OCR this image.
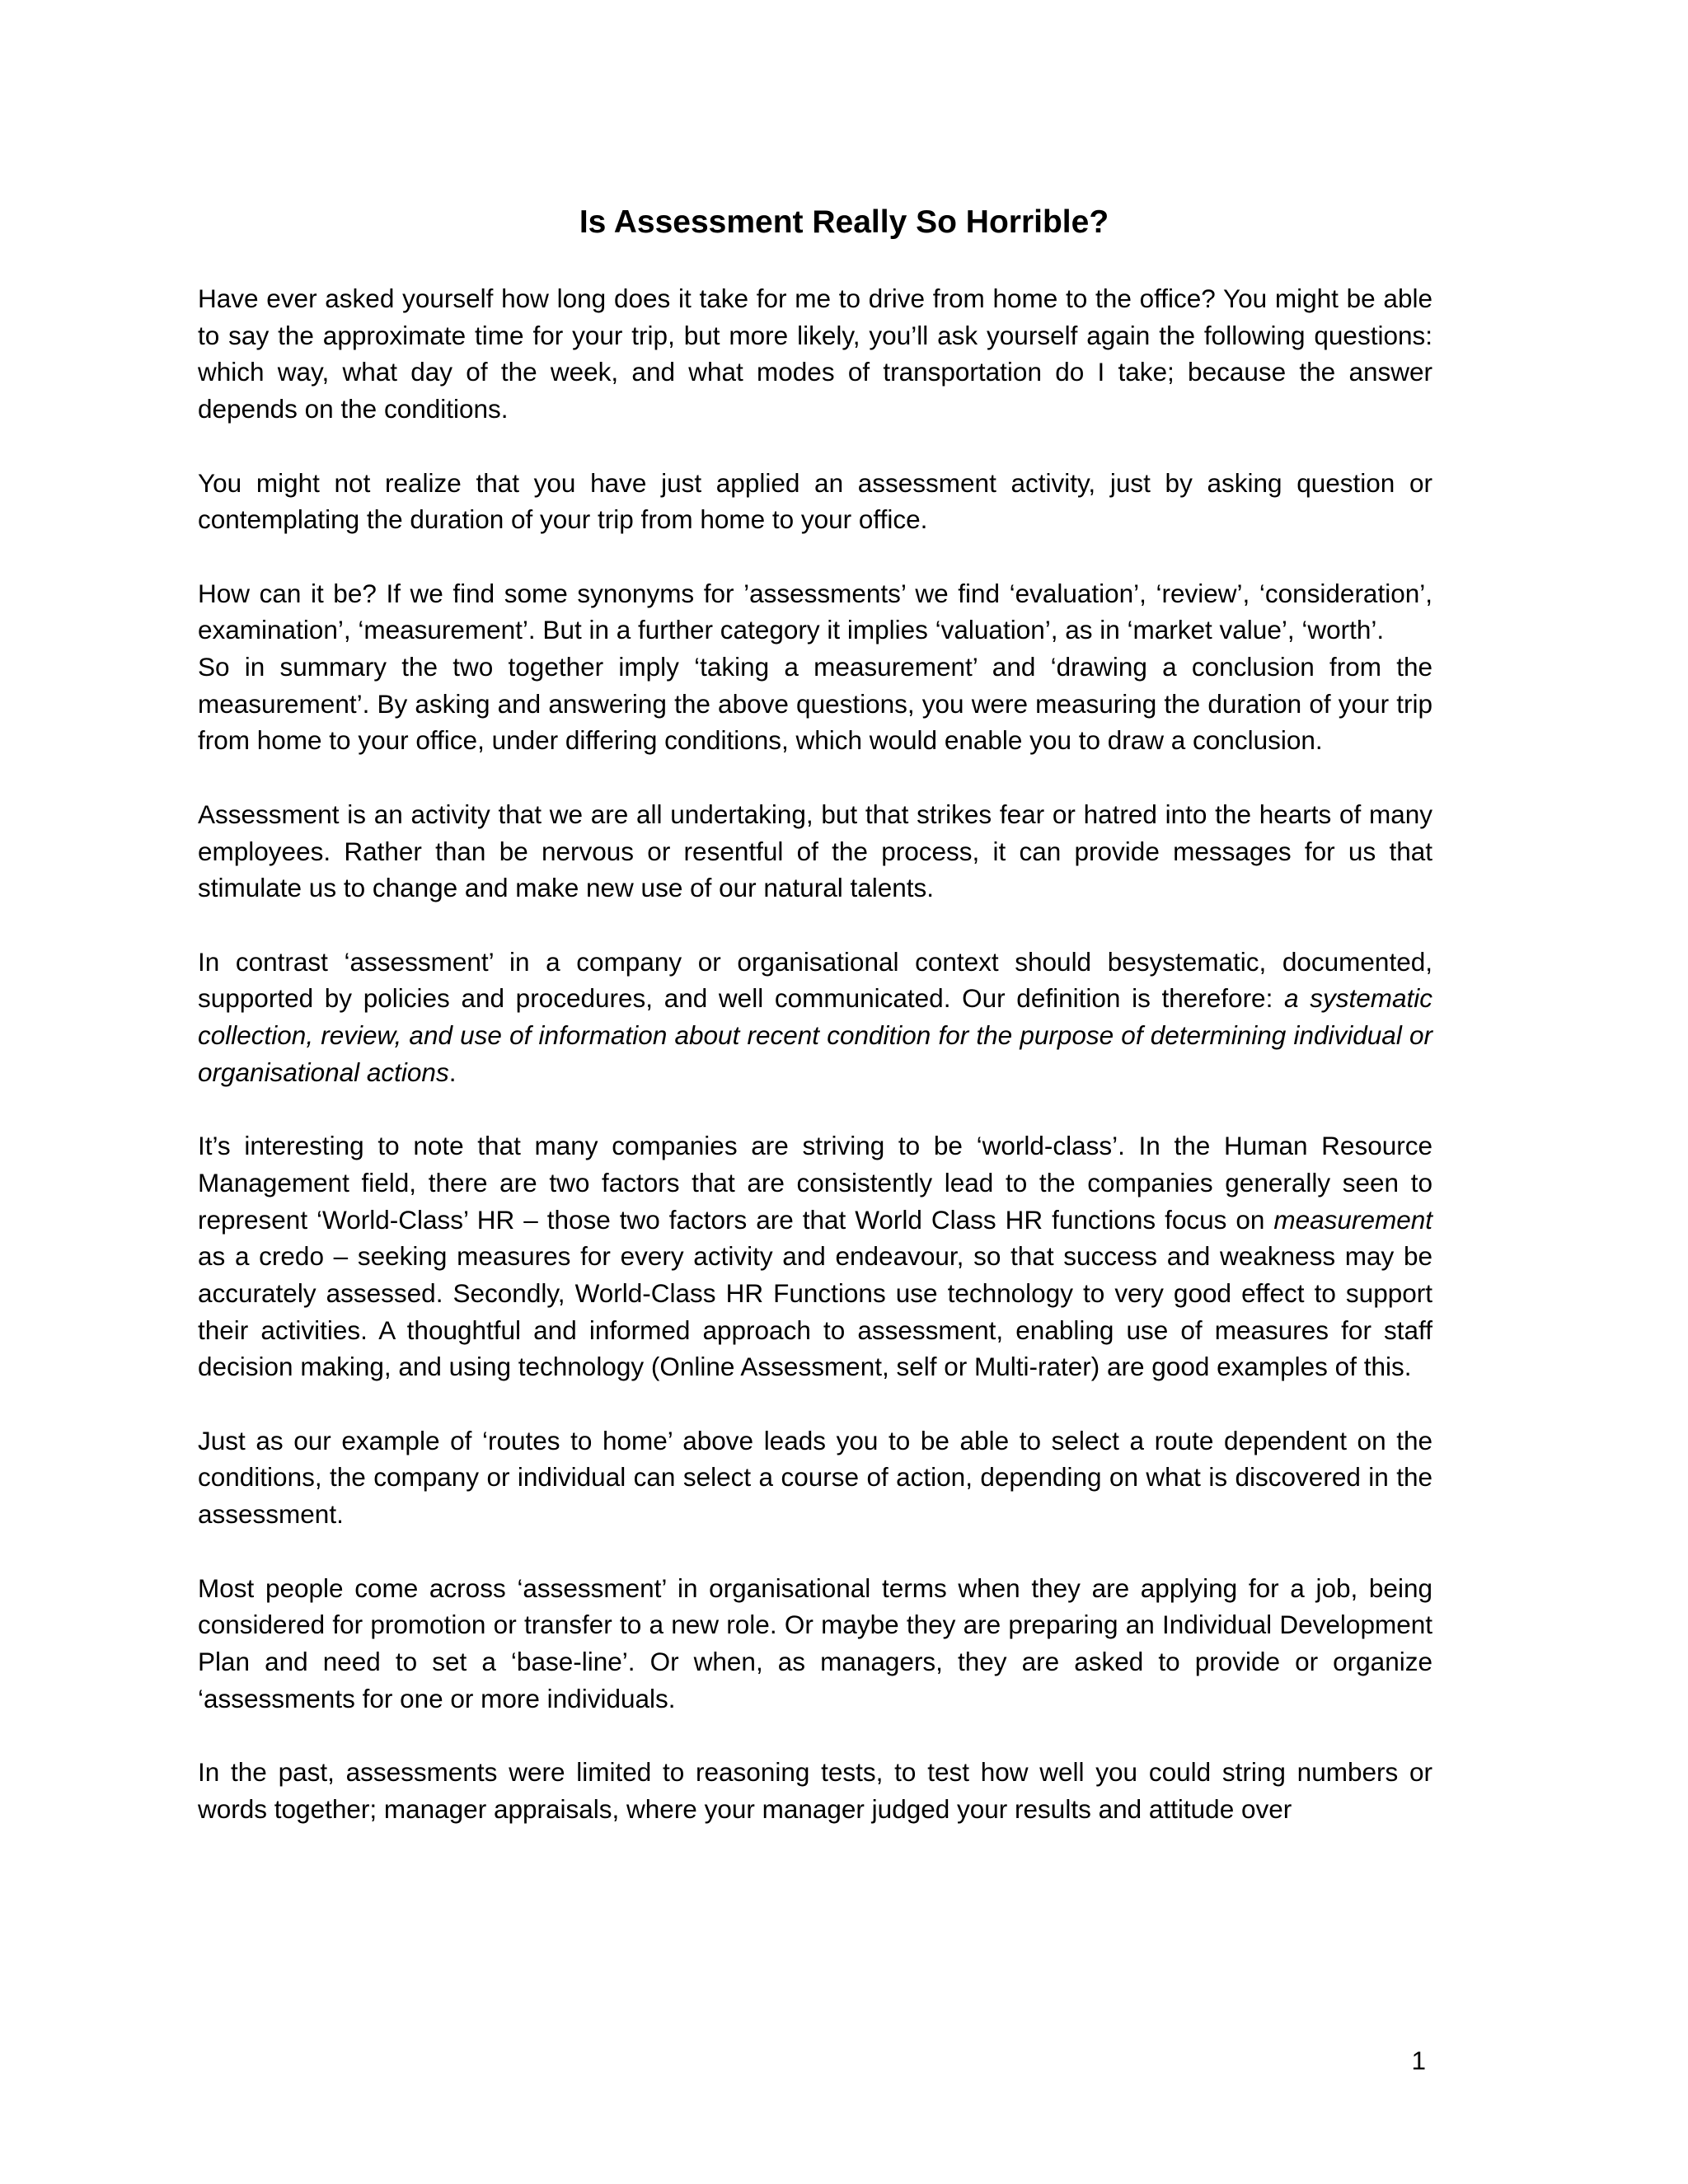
Is Assessment Really So Horrible?

Have ever asked yourself how long does it take for me to drive from home to the office? You might be able to say the approximate time for your trip, but more likely, you’ll ask yourself again the following questions: which way, what day of the week, and what modes of transportation do I take; because the answer depends on the conditions.

You might not realize that you have just applied an assessment activity, just by asking question or contemplating the duration of your trip from home to your office.

How can it be? If we find some synonyms for ’assessments’ we find ‘evaluation’, ‘review’, ‘consideration’, examination’, ‘measurement’. But in a further category it implies ‘valuation’, as in ‘market value’, ‘worth’.

So in summary the two together imply ‘taking a measurement’ and ‘drawing a conclusion from the measurement’. By asking and answering the above questions, you were measuring the duration of your trip from home to your office, under differing conditions, which would enable you to draw a conclusion.

Assessment is an activity that we are all undertaking, but that strikes fear or hatred into the hearts of many employees. Rather than be nervous or resentful of the process, it can provide messages for us that stimulate us to change and make new use of our natural talents.

In contrast ‘assessment’ in a company or organisational context should besystematic, documented, supported by policies and procedures, and well communicated. Our definition is therefore: a systematic collection, review, and use of information about recent condition for the purpose of determining individual or organisational actions.

It’s interesting to note that many companies are striving to be ‘world-class’. In the Human Resource Management field, there are two factors that are consistently lead to the companies generally seen to represent ‘World-Class’ HR – those two factors are that World Class HR functions focus on measurement as a credo – seeking measures for every activity and endeavour, so that success and weakness may be accurately assessed. Secondly, World-Class HR Functions use technology to very good effect to support their activities. A thoughtful and informed approach to assessment, enabling use of measures for staff decision making, and using technology (Online Assessment, self or Multi-rater) are good examples of this.

Just as our example of ‘routes to home’ above leads you to be able to select a route dependent on the conditions, the company or individual can select a course of action, depending on what is discovered in the assessment.

Most people come across ‘assessment’ in organisational terms when they are applying for a job, being considered for promotion or transfer to a new role. Or maybe they are preparing an Individual Development Plan and need to set a ‘base-line’. Or when, as managers, they are asked to provide or organize ‘assessments for one or more individuals.

In the past, assessments were limited to reasoning tests, to test how well you could string numbers or words together; manager appraisals, where your manager judged your results and attitude over

1
